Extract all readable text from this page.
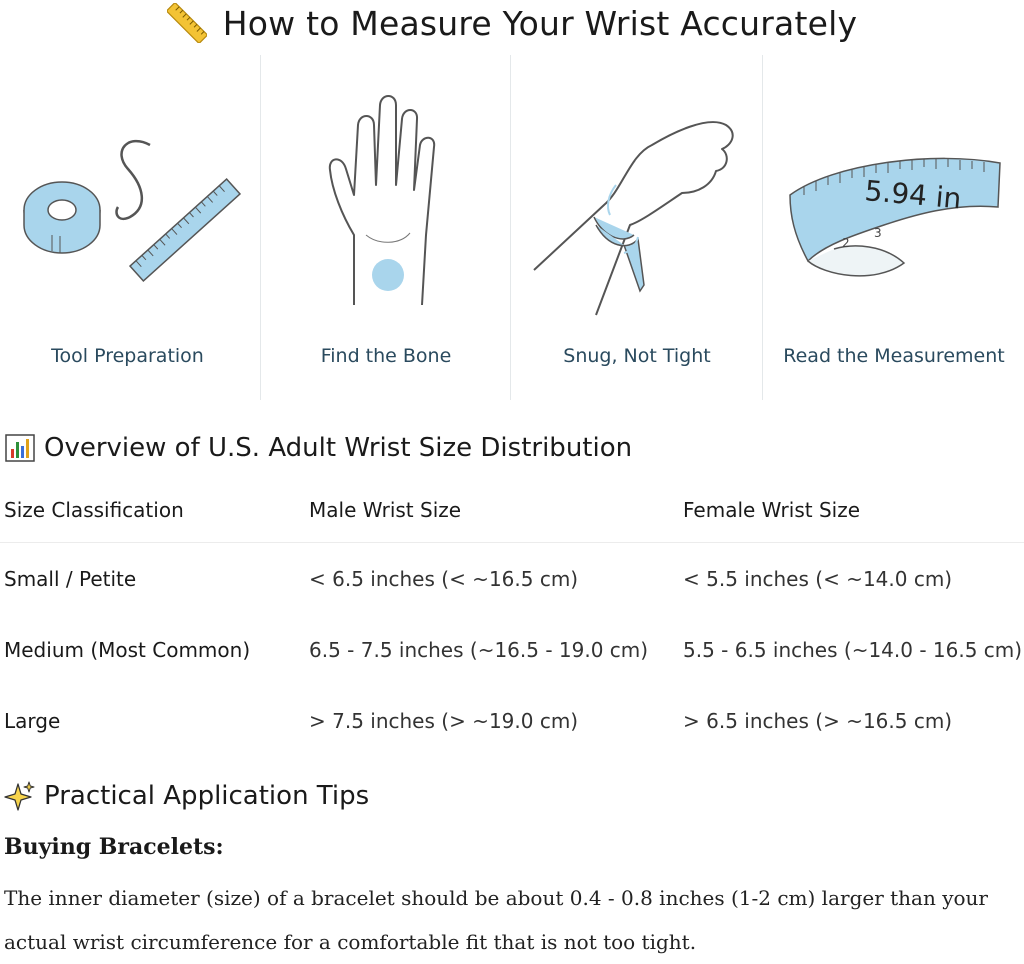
How to Measure Your Wrist Accurately
Tool Preparation	Find the Bone	Snug, Not Tight
5.94 in
2
3
Read the Measurement
Overview of U.S. Adult Wrist Size Distribution
Size Classification	Male Wrist Size	Female Wrist Size
Small / Petite	< 6.5 inches (< ~16.5 cm)	< 5.5 inches (< ~14.0 cm)
Medium (Most Common)	6.5 - 7.5 inches (~16.5 - 19.0 cm)	5.5 - 6.5 inches (~14.0 - 16.5 cm)
Large	> 7.5 inches (> ~19.0 cm)	> 6.5 inches (> ~16.5 cm)
Practical Application Tips
Buying Bracelets:

The inner diameter (size) of a bracelet should be about 0.4 - 0.8 inches (1-2 cm) larger than your actual wrist circumference for a comfortable fit that is not too tight.
